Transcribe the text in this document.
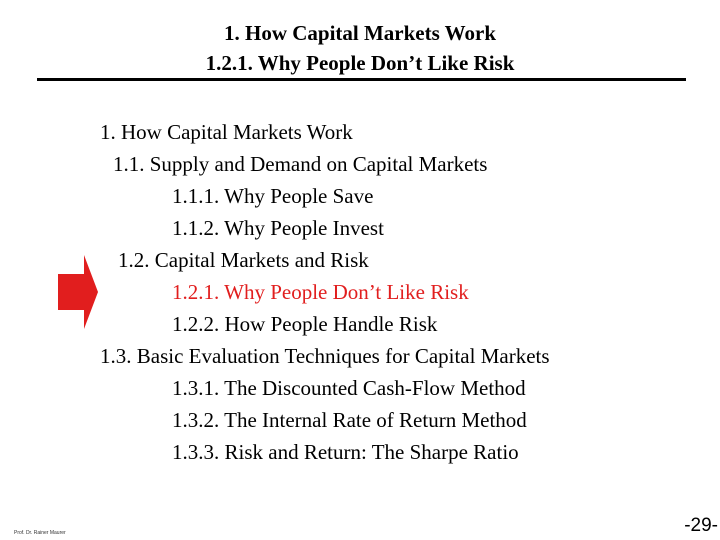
1. How Capital Markets Work
1.2.1. Why People Don’t Like Risk
1. How Capital Markets Work
1.1. Supply and Demand on Capital Markets
1.1.1. Why People Save
1.1.2. Why People Invest
1.2. Capital Markets and Risk
1.2.1. Why People Don’t Like Risk
1.2.2. How People Handle Risk
1.3. Basic Evaluation Techniques for Capital Markets
1.3.1. The Discounted Cash-Flow Method
1.3.2. The Internal Rate of Return Method
1.3.3. Risk and Return: The Sharpe Ratio
Prof. Dr. Rainer Maurer	-29-
